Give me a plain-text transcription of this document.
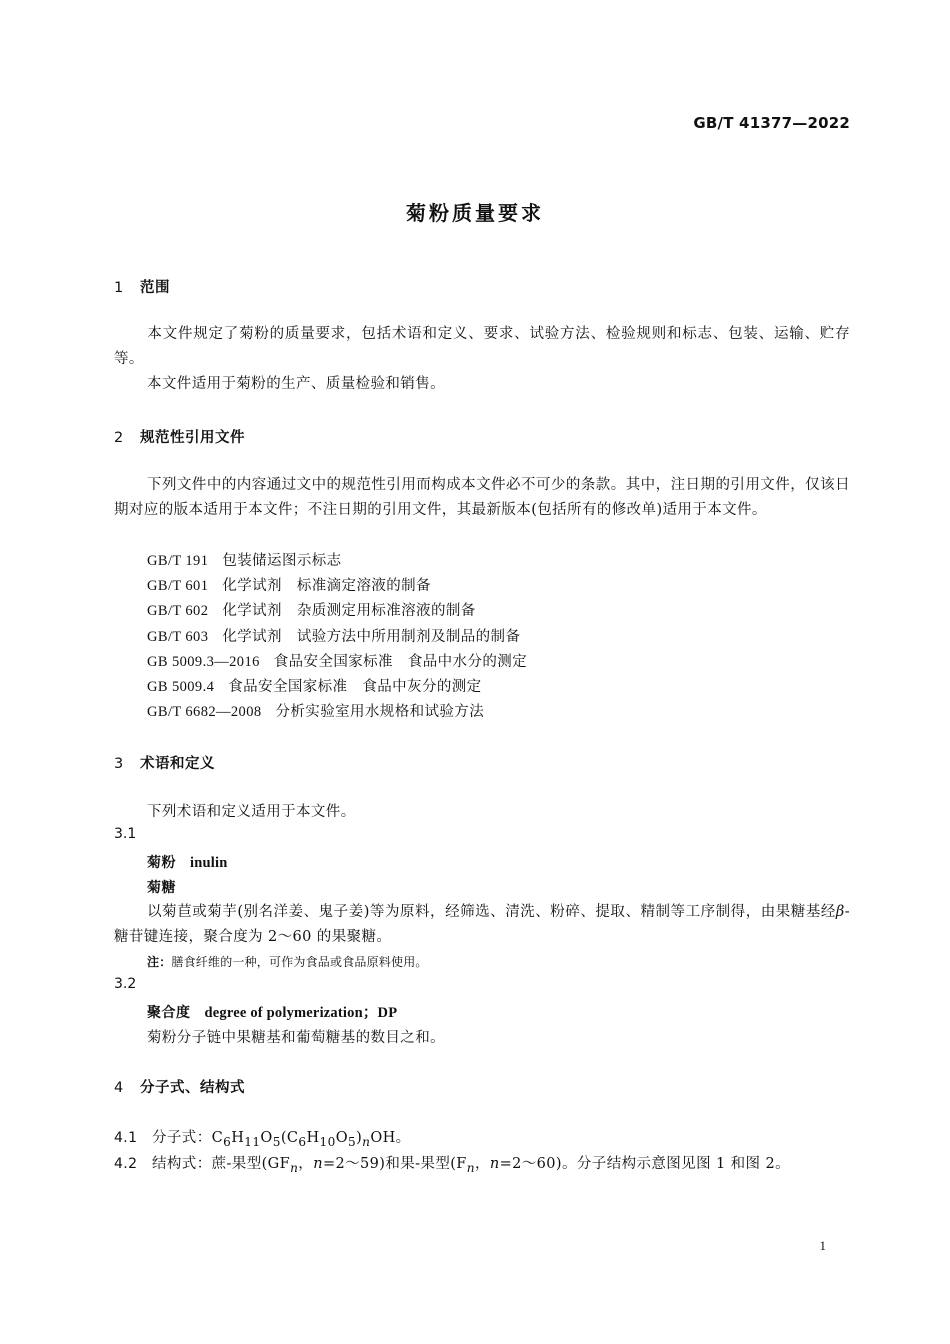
GB/T 41377—2022
菊粉质量要求
1 范围

本文件规定了菊粉的质量要求，包括术语和定义、要求、试验方法、检验规则和标志、包装、运输、贮存等。

本文件适用于菊粉的生产、质量检验和销售。

2 规范性引用文件

下列文件中的内容通过文中的规范性引用而构成本文件必不可少的条款。其中，注日期的引用文件，仅该日期对应的版本适用于本文件；不注日期的引用文件，其最新版本(包括所有的修改单)适用于本文件。

GB/T 191 包装储运图示标志
GB/T 601 化学试剂　标准滴定溶液的制备
GB/T 602 化学试剂　杂质测定用标准溶液的制备
GB/T 603 化学试剂　试验方法中所用制剂及制品的制备
GB 5009.3—2016 食品安全国家标准　食品中水分的测定
GB 5009.4 食品安全国家标准　食品中灰分的测定
GB/T 6682—2008 分析实验室用水规格和试验方法
3 术语和定义
下列术语和定义适用于本文件。
3.1
菊粉 inulin
菊糖

以菊苣或菊芋(别名洋姜、鬼子姜)等为原料，经筛选、清洗、粉碎、提取、精制等工序制得，由果糖基经β-糖苷键连接，聚合度为 2～60 的果聚糖。

注：膳食纤维的一种，可作为食品或食品原料使用。
3.2
聚合度 degree of polymerization；DP
菊粉分子链中果糖基和葡萄糖基的数目之和。
4 分子式、结构式
4.1 分子式：$C_6H_{11}O_5(C_6H_{10}O_5)_nOH$。
4.2 结构式：蔗-果型($GF_n$，n=2～59)和果-果型($F_n$，n=2～60)。分子结构示意图见图 1 和图 2。
1
